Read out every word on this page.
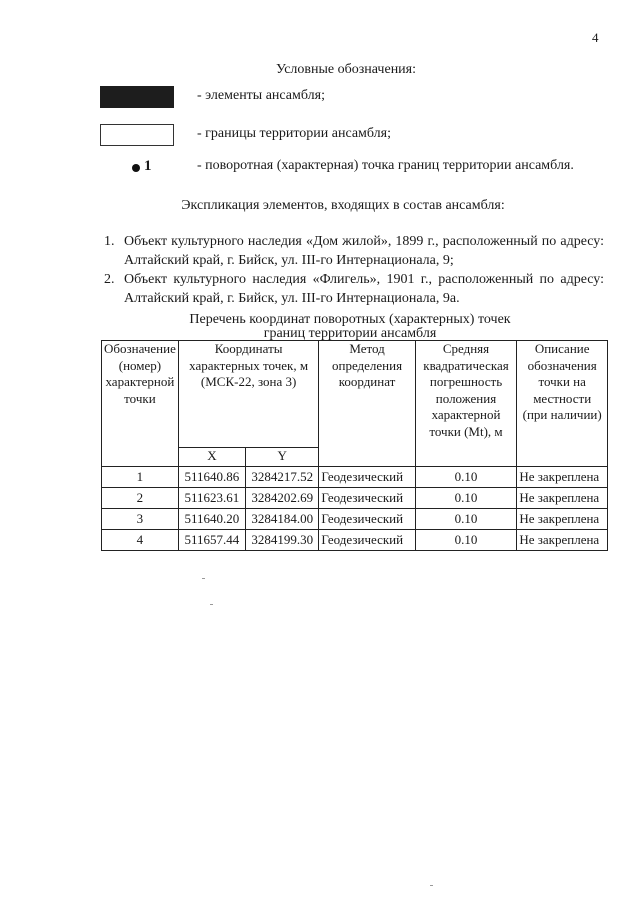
4
Условные обозначения:
- элементы ансамбля;
- границы территории ансамбля;
1	- поворотная (характерная) точка границ территории ансамбля.
Экспликация элементов, входящих в состав ансамбля:
1. Объект культурного наследия «Дом жилой», 1899 г., расположенный по адресу: Алтайский край, г. Бийск, ул. III-го Интернационала, 9;
2. Объект культурного наследия «Флигель», 1901 г., расположенный по адресу: Алтайский край, г. Бийск, ул. III-го Интернационала, 9а.
Перечень координат поворотных (характерных) точек
границ территории ансамбля
Обозначение (номер) характерной точки	Координаты характерных точек, м (МСК-22, зона 3)		Метод определения координат	Средняя квадратическая погрешность положения характерной точки (Mt), м	Описание обозначения точки на местности (при наличии)
	X	Y			
1	511640.86	3284217.52	Геодезический	0.10	Не закреплена
2	511623.61	3284202.69	Геодезический	0.10	Не закреплена
3	511640.20	3284184.00	Геодезический	0.10	Не закреплена
4	511657.44	3284199.30	Геодезический	0.10	Не закреплена
